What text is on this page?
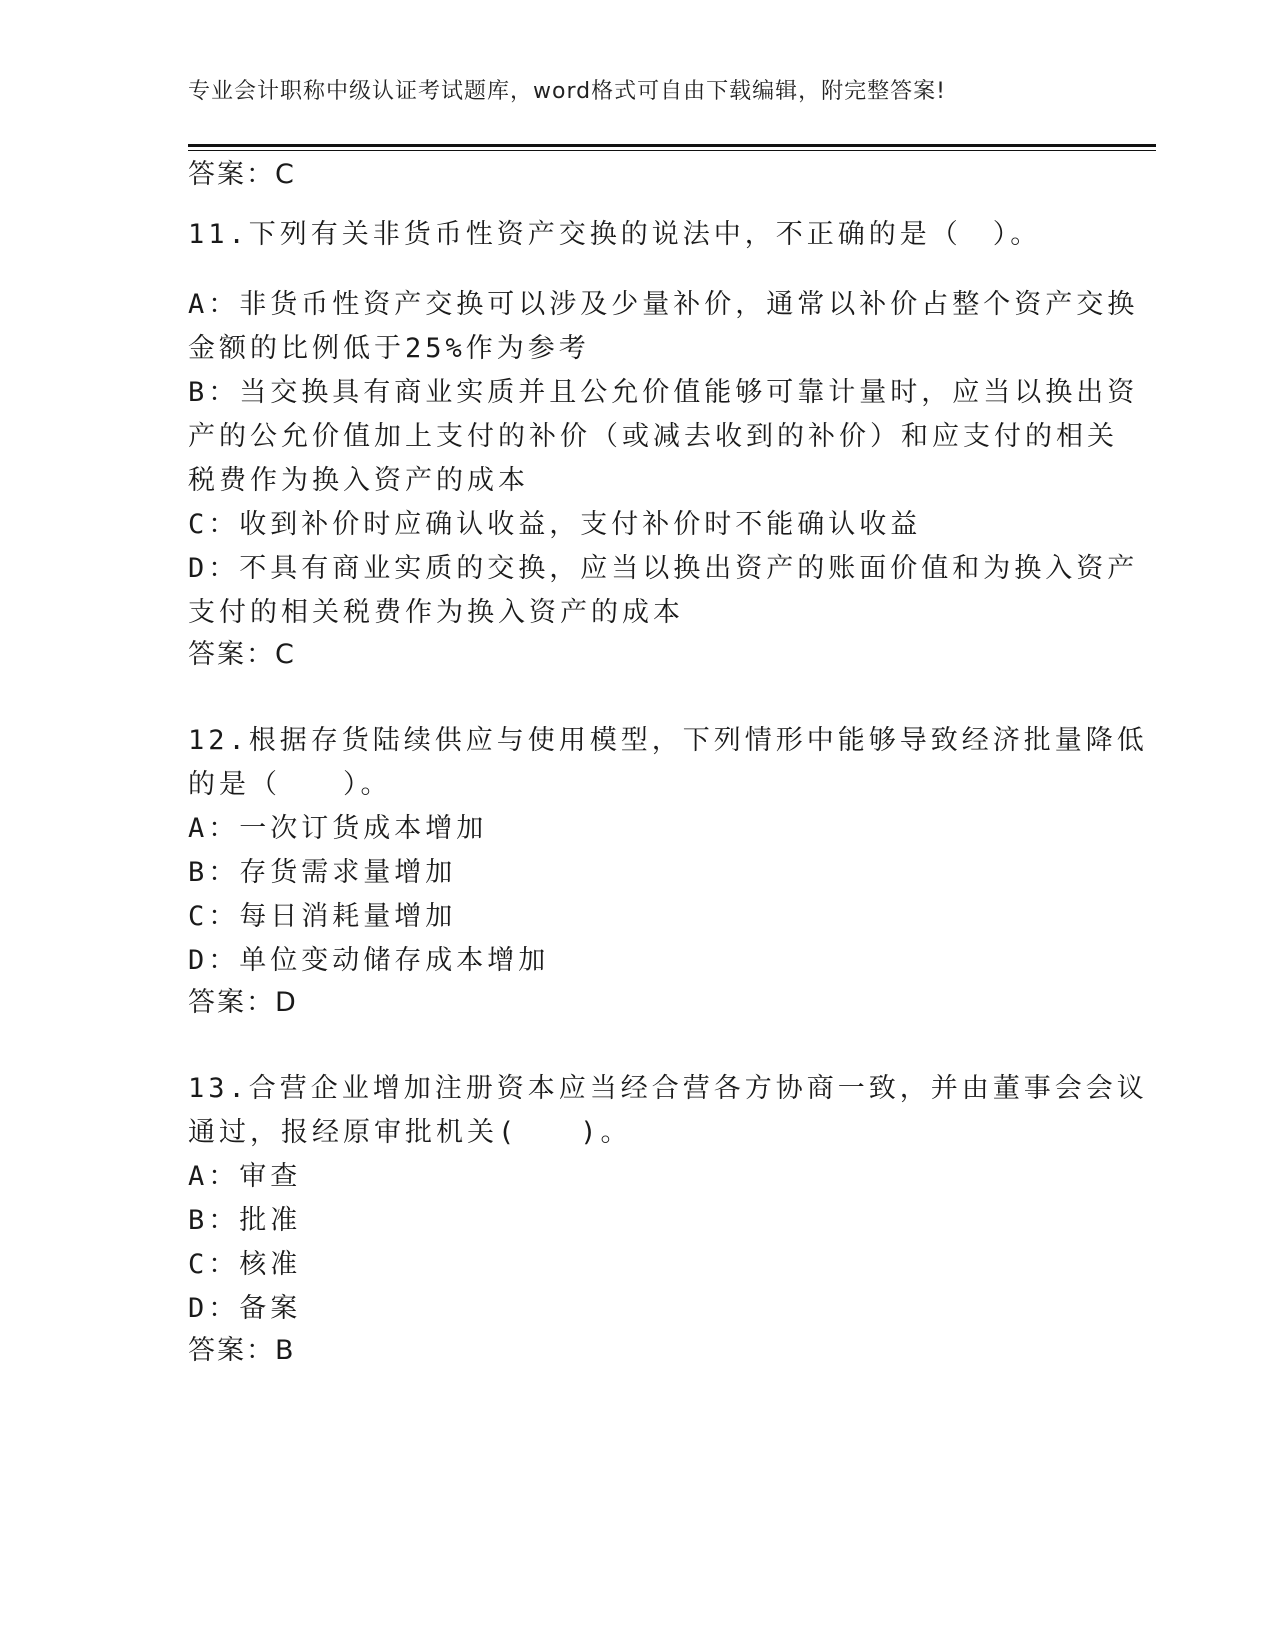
专业会计职称中级认证考试题库，word格式可自由下载编辑，附完整答案!
答案：C
11.下列有关非货币性资产交换的说法中，不正确的是（　）。
A：非货币性资产交换可以涉及少量补价，通常以补价占整个资产交换
金额的比例低于25%作为参考
B：当交换具有商业实质并且公允价值能够可靠计量时，应当以换出资
产的公允价值加上支付的补价（或减去收到的补价）和应支付的相关
税费作为换入资产的成本
C：收到补价时应确认收益，支付补价时不能确认收益
D：不具有商业实质的交换，应当以换出资产的账面价值和为换入资产
支付的相关税费作为换入资产的成本
答案：C
12.根据存货陆续供应与使用模型，下列情形中能够导致经济批量降低
的是（　　）。
A：一次订货成本增加
B：存货需求量增加
C：每日消耗量增加
D：单位变动储存成本增加
答案：D
13.合营企业增加注册资本应当经合营各方协商一致，并由董事会会议
通过，报经原审批机关(　　)。
A：审查
B：批准
C：核准
D：备案
答案：B
